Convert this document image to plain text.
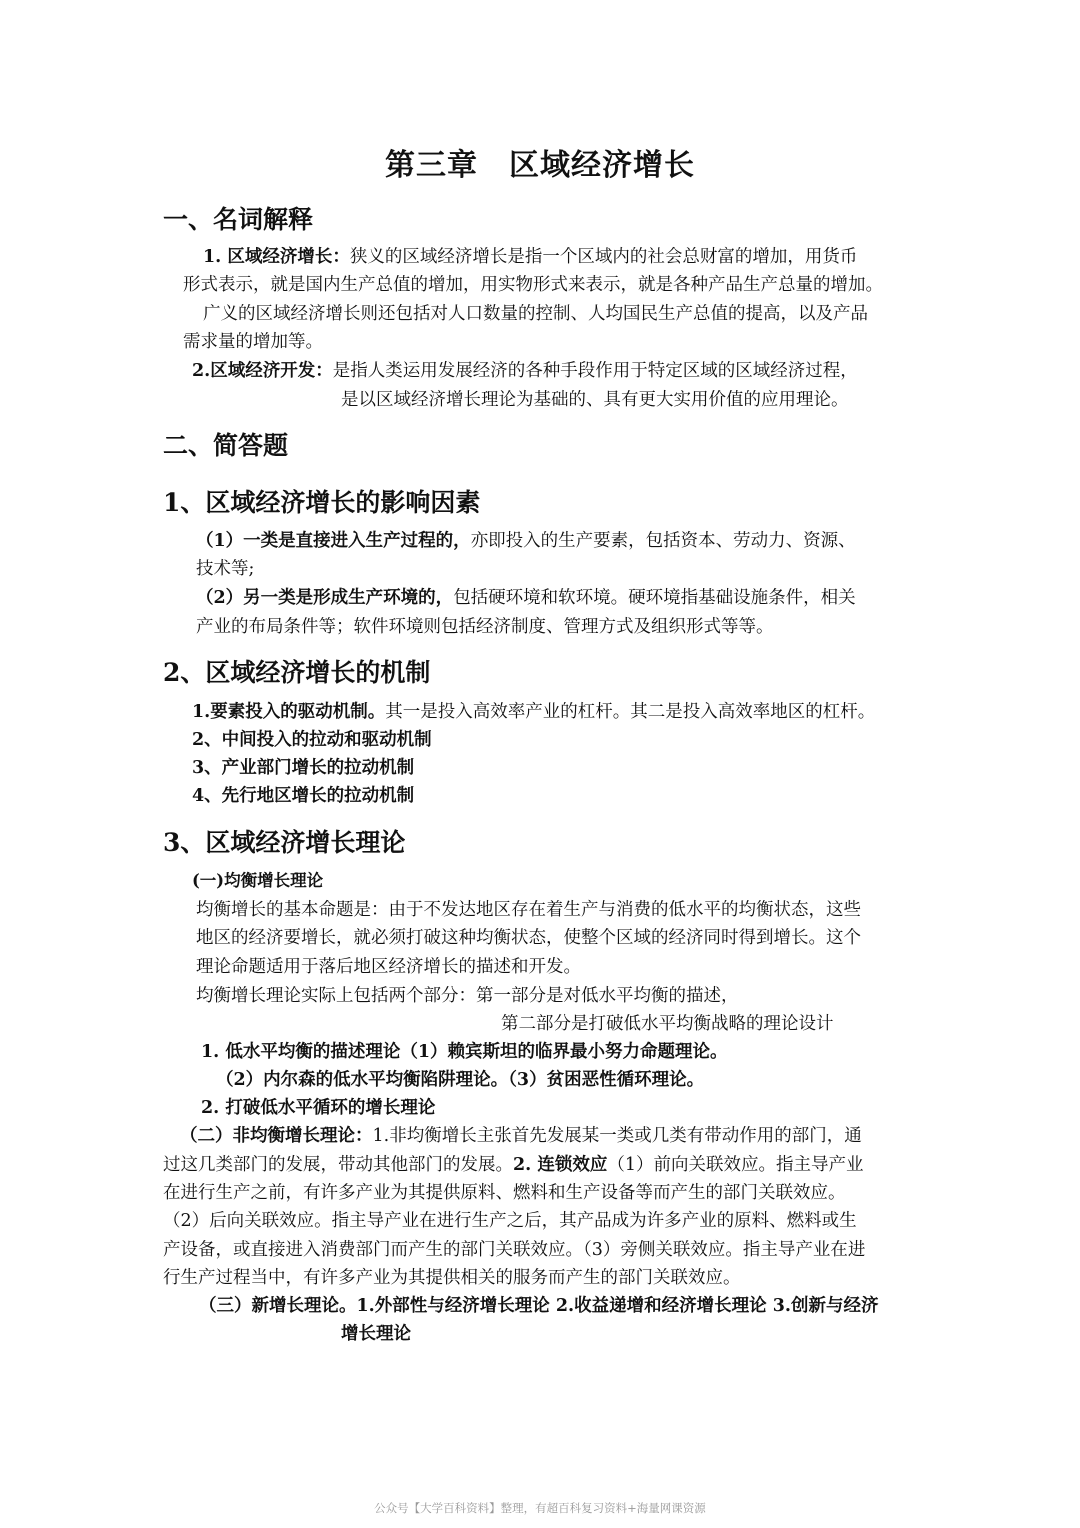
第三章　区域经济增长
一、名词解释
1. 区域经济增长：狭义的区域经济增长是指一个区域内的社会总财富的增加，用货币
形式表示，就是国内生产总值的增加，用实物形式来表示，就是各种产品生产总量的增加。
广义的区域经济增长则还包括对人口数量的控制、人均国民生产总值的提高，以及产品
需求量的增加等。
2.区域经济开发：是指人类运用发展经济的各种手段作用于特定区域的区域经济过程，
是以区域经济增长理论为基础的、具有更大实用价值的应用理论。
二、简答题
1、区域经济增长的影响因素
（1）一类是直接进入生产过程的，亦即投入的生产要素，包括资本、劳动力、资源、
技术等;
（2）另一类是形成生产环境的，包括硬环境和软环境。硬环境指基础设施条件，相关
产业的布局条件等；软件环境则包括经济制度、管理方式及组织形式等等。
2、区域经济增长的机制
1.要素投入的驱动机制。其一是投入高效率产业的杠杆。其二是投入高效率地区的杠杆。
2、中间投入的拉动和驱动机制
3、产业部门增长的拉动机制
4、先行地区增长的拉动机制
3、区域经济增长理论
(一)均衡增长理论
均衡增长的基本命题是：由于不发达地区存在着生产与消费的低水平的均衡状态，这些
地区的经济要增长，就必须打破这种均衡状态，使整个区域的经济同时得到增长。这个
理论命题适用于落后地区经济增长的描述和开发。
均衡增长理论实际上包括两个部分：第一部分是对低水平均衡的描述，
第二部分是打破低水平均衡战略的理论设计
1. 低水平均衡的描述理论（1）赖宾斯坦的临界最小努力命题理论。
（2）内尔森的低水平均衡陷阱理论。（3）贫困恶性循环理论。
2. 打破低水平循环的增长理论
（二）非均衡增长理论：1.非均衡增长主张首先发展某一类或几类有带动作用的部门，通
过这几类部门的发展，带动其他部门的发展。2. 连锁效应（1）前向关联效应。指主导产业
在进行生产之前，有许多产业为其提供原料、燃料和生产设备等而产生的部门关联效应。
（2）后向关联效应。指主导产业在进行生产之后，其产品成为许多产业的原料、燃料或生
产设备，或直接进入消费部门而产生的部门关联效应。（3）旁侧关联效应。指主导产业在进
行生产过程当中，有许多产业为其提供相关的服务而产生的部门关联效应。
（三）新增长理论。1.外部性与经济增长理论 2.收益递增和经济增长理论 3.创新与经济
增长理论
公众号【大学百科资料】整理，有超百科复习资料+海量网课资源
